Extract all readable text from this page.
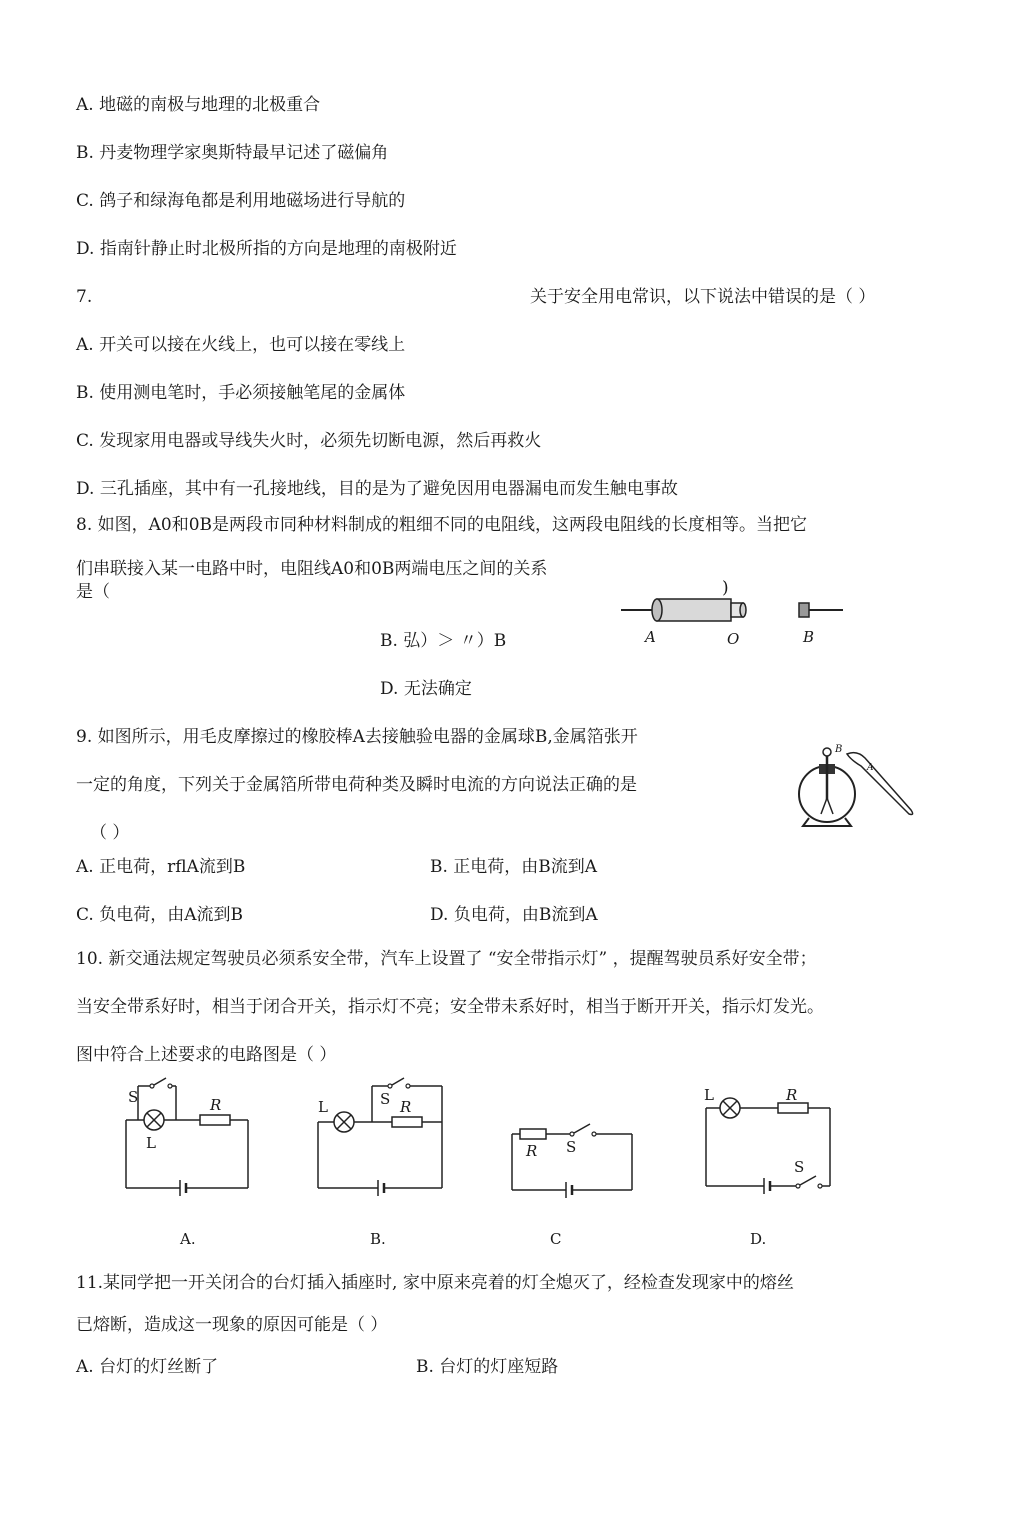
A. 地磁的南极与地理的北极重合
B. 丹麦物理学家奥斯特最早记述了磁偏角
C. 鸽子和绿海龟都是利用地磁场进行导航的
D. 指南针静止时北极所指的方向是地理的南极附近
7.	关于安全用电常识，以下说法中错误的是（ ）
A. 开关可以接在火线上，也可以接在零线上
B. 使用测电笔时，手必须接触笔尾的金属体
C. 发现家用电器或导线失火时，必须先切断电源，然后再救火
D. 三孔插座，其中有一孔接地线，目的是为了避免因用电器漏电而发生触电事故
8. 如图，A0和0B是两段市同种材料制成的粗细不同的电阻线，这两段电阻线的长度相等。当把它
们串联接入某一电路中时，电阻线A0和0B两端电压之间的关系
是（	)
B. 弘）＞ 〃）B
D. 无法确定
A	O	B
9. 如图所示，用毛皮摩擦过的橡胶棒A去接触验电器的金属球B,金属箔张开
一定的角度，下列关于金属箔所带电荷种类及瞬时电流的方向说法正确的是
（ ）
A. 正电荷，rflA流到B	B. 正电荷，由B流到A
C. 负电荷，由A流到B	D. 负电荷，由B流到A
B
A
10. 新交通法规定驾驶员必须系安全带，汽车上设置了 “安全带指示灯” ，提醒驾驶员系好安全带；
当安全带系好时，相当于闭合开关，指示灯不亮；安全带未系好时，相当于断开开关，指示灯发光。
图中符合上述要求的电路图是（ ）
S
L
R
A.
S
L	R
B.
R S
C
L	R
S
D.
11.某同学把一开关闭合的台灯插入插座时, 家中原来亮着的灯全熄灭了，经检查发现家中的熔丝
已熔断，造成这一现象的原因可能是（ ）
A. 台灯的灯丝断了	B. 台灯的灯座短路
